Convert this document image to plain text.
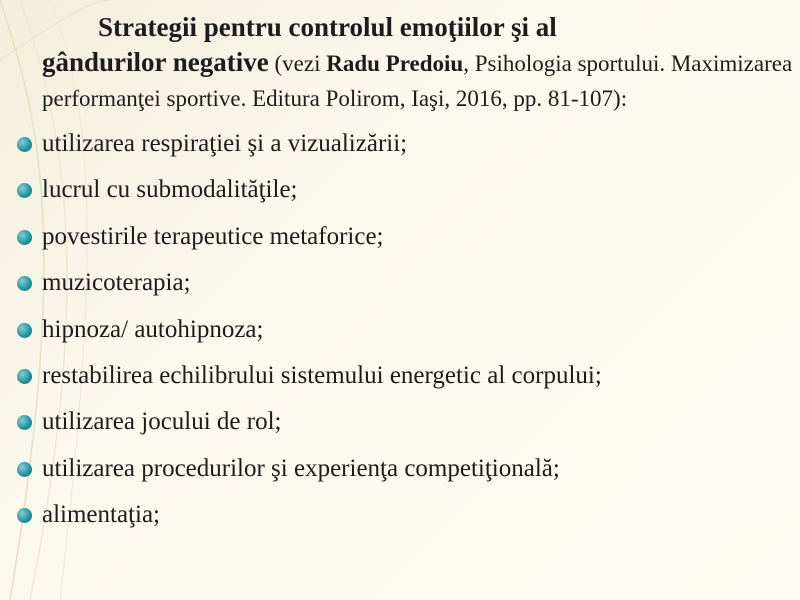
Strategii pentru controlul emoţiilor şi al
gândurilor negative (vezi Radu Predoiu, Psihologia sportului. Maximizarea performanţei sportive. Editura Polirom, Iaşi, 2016, pp. 81-107):
utilizarea respiraţiei şi a vizualizării;
lucrul cu submodalităţile;
povestirile terapeutice metaforice;
muzicoterapia;
hipnoza/ autohipnoza;
restabilirea echilibrului sistemului energetic al corpului;
utilizarea jocului de rol;
utilizarea procedurilor şi experienţa competiţională;
alimentaţia;
